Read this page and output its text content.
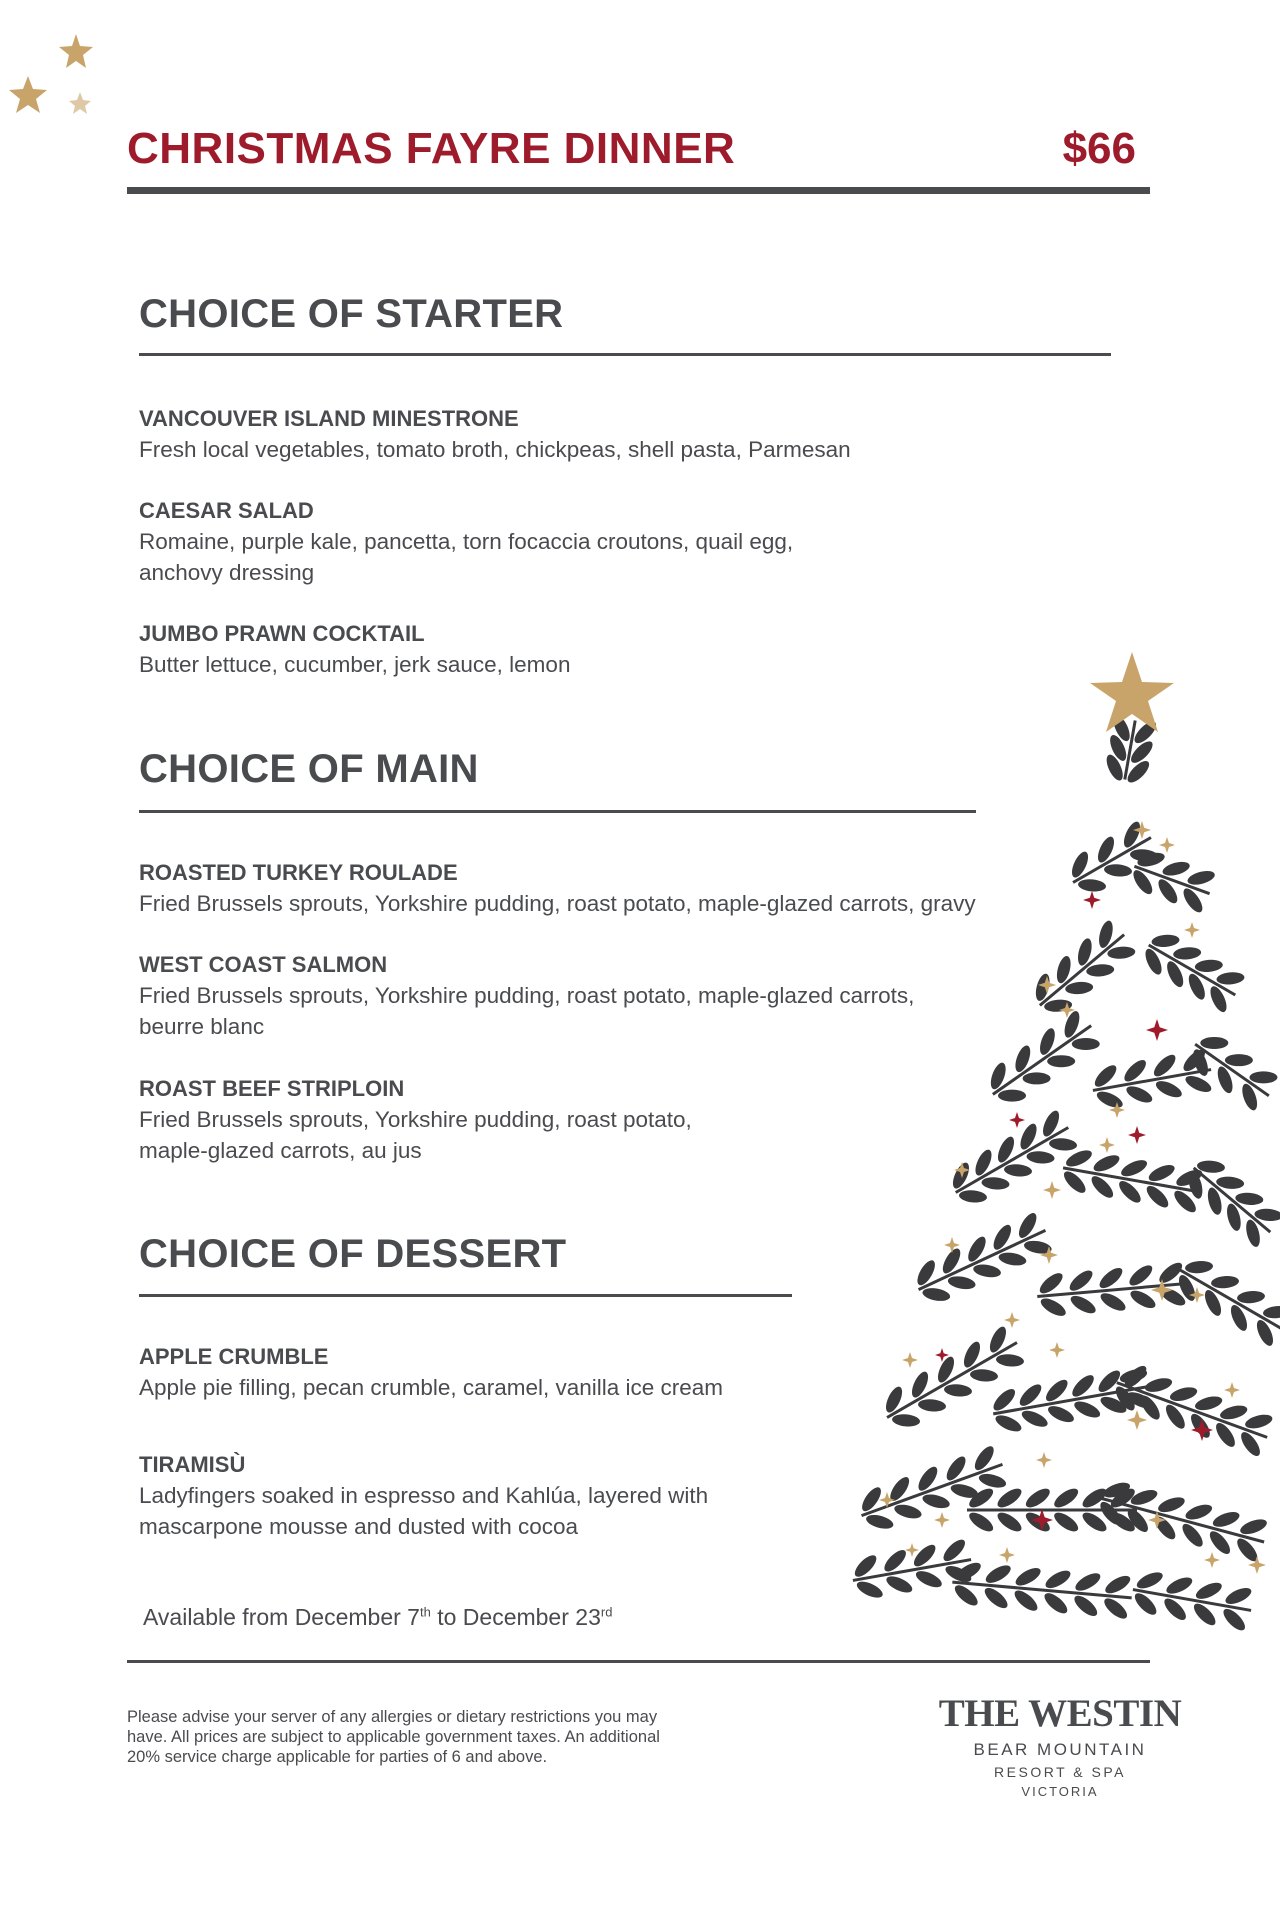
CHRISTMAS FAYRE DINNER	$66
CHOICE OF STARTER
VANCOUVER ISLAND MINESTRONE
Fresh local vegetables, tomato broth, chickpeas, shell pasta, Parmesan
CAESAR SALAD
Romaine, purple kale, pancetta, torn focaccia croutons, quail egg,
anchovy dressing
JUMBO PRAWN COCKTAIL
Butter lettuce, cucumber, jerk sauce, lemon
CHOICE OF MAIN
ROASTED TURKEY ROULADE
Fried Brussels sprouts, Yorkshire pudding, roast potato, maple-glazed carrots, gravy
WEST COAST SALMON
Fried Brussels sprouts, Yorkshire pudding, roast potato, maple-glazed carrots,
beurre blanc
ROAST BEEF STRIPLOIN
Fried Brussels sprouts, Yorkshire pudding, roast potato,
maple-glazed carrots, au jus
CHOICE OF DESSERT
APPLE CRUMBLE
Apple pie filling, pecan crumble, caramel, vanilla ice cream
TIRAMISÙ
Ladyfingers soaked in espresso and Kahlúa, layered with
mascarpone mousse and dusted with cocoa
Available from December 7th to December 23rd
Please advise your server of any allergies or dietary restrictions you may have. All prices are subject to applicable government taxes. An additional 20% service charge applicable for parties of 6 and above.
THE WESTIN
BEAR MOUNTAIN
RESORT & SPA
VICTORIA
